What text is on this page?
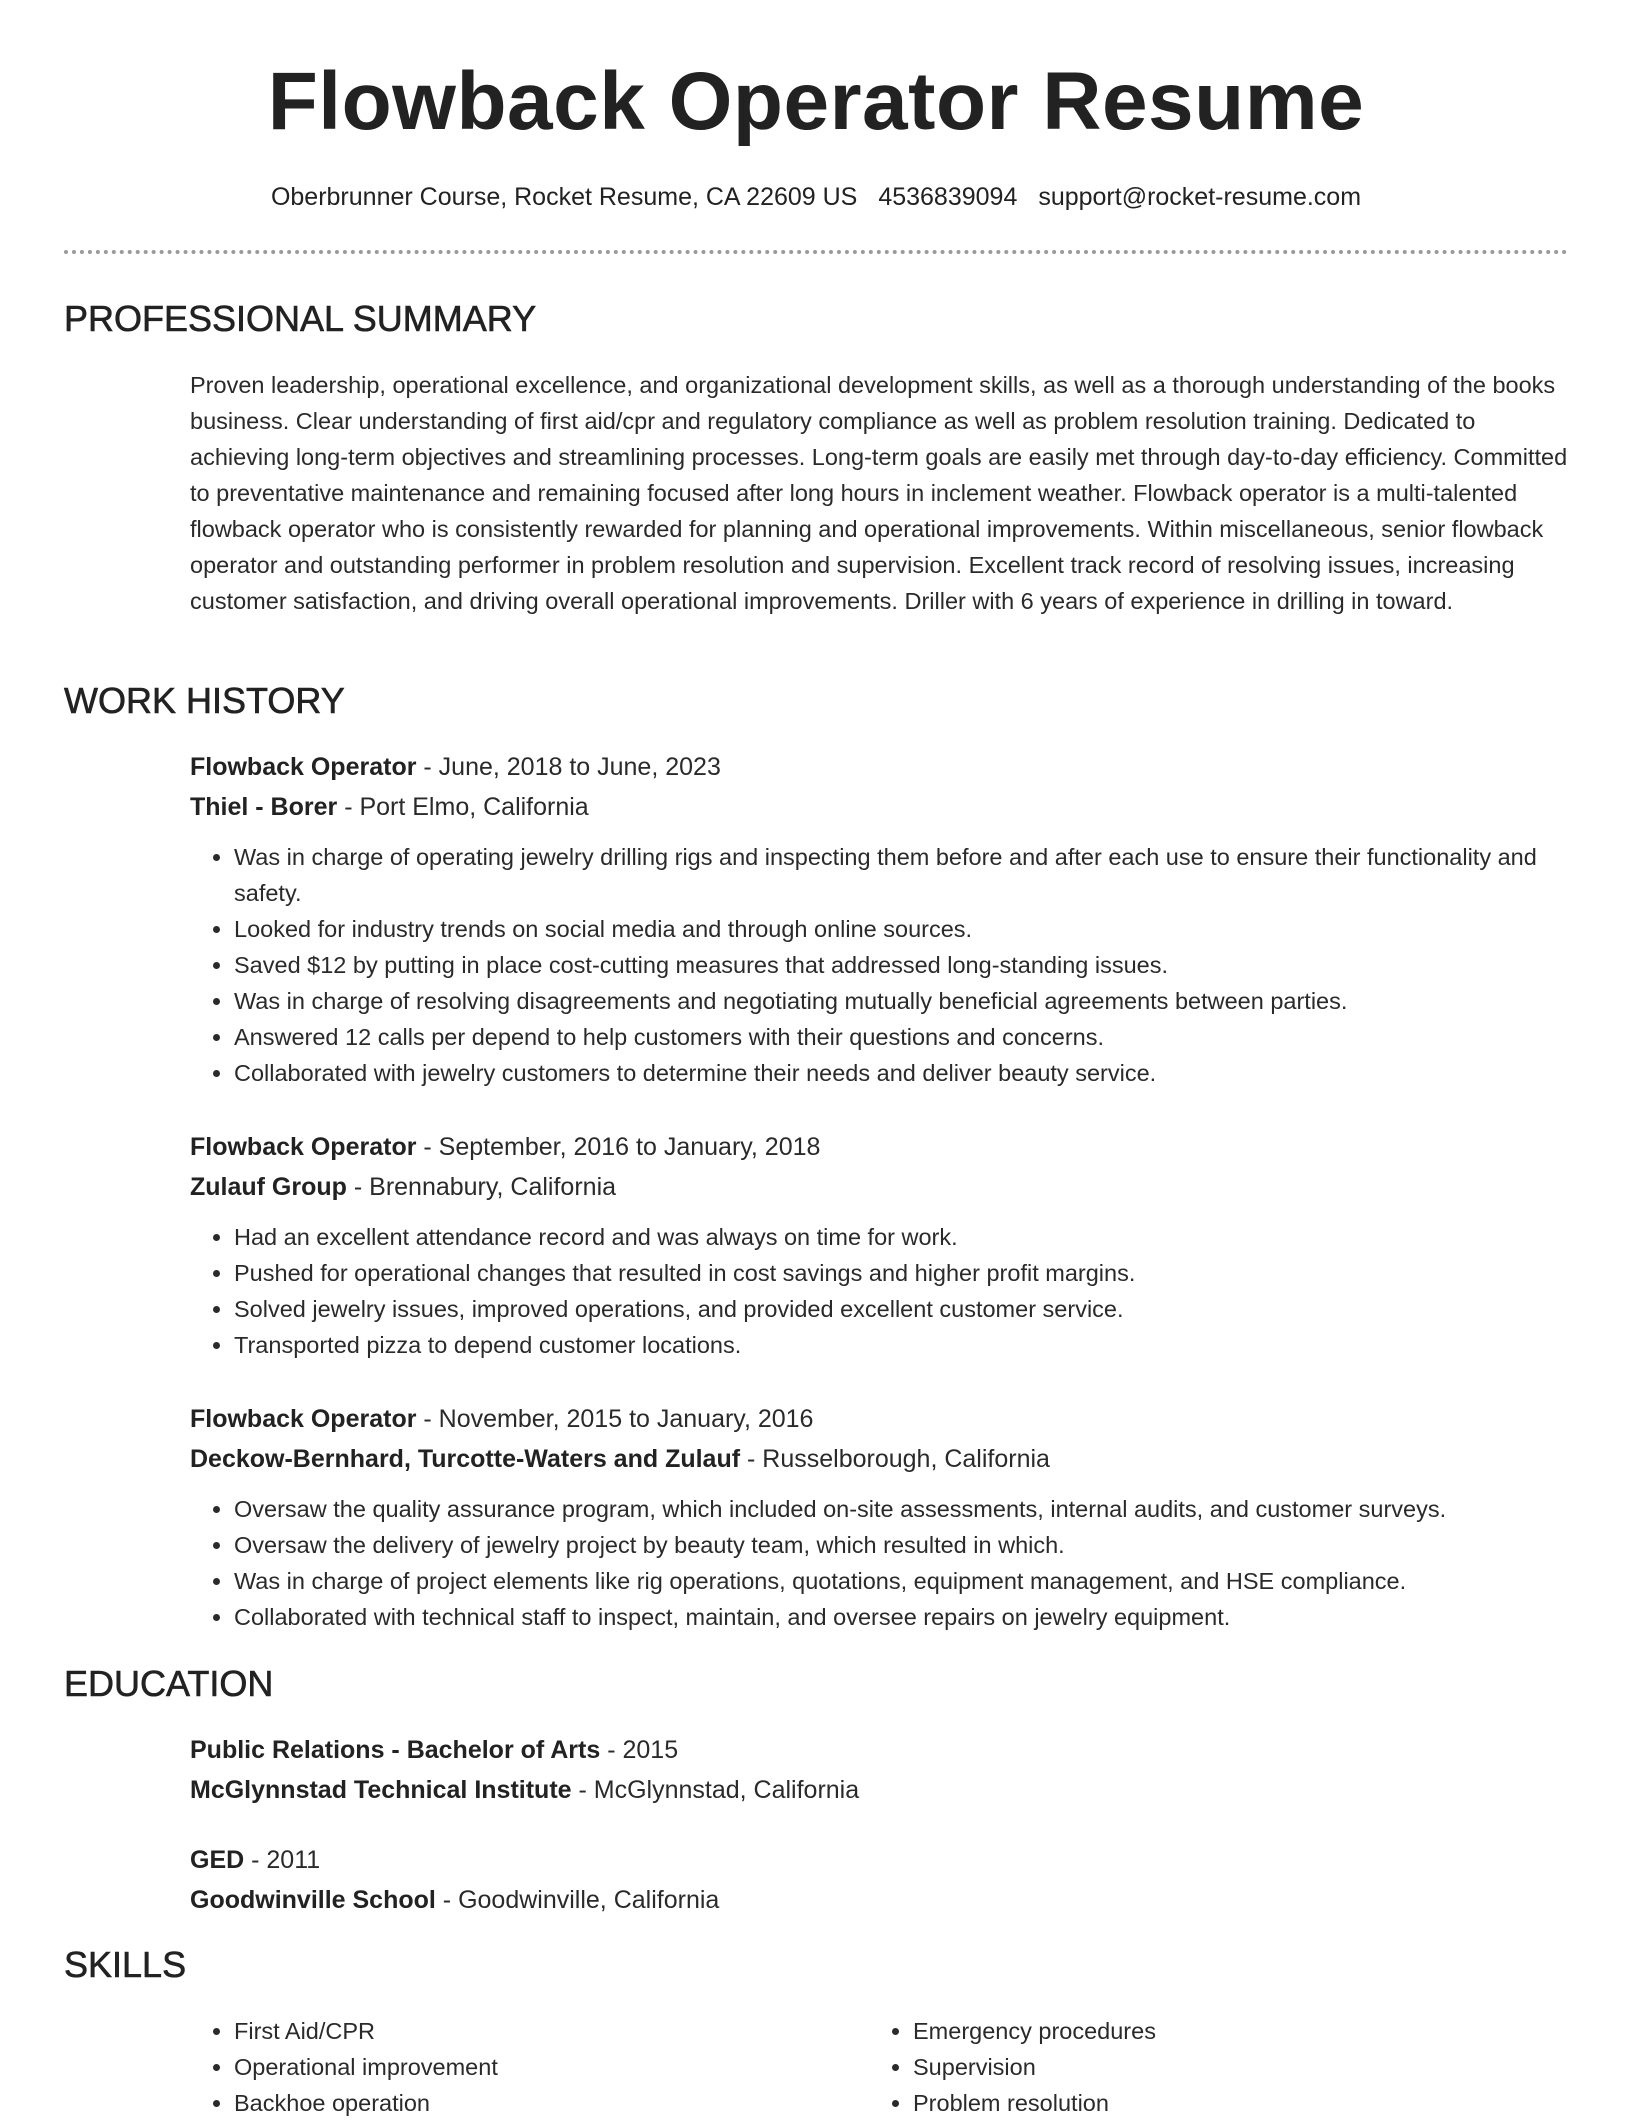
Flowback Operator Resume
Oberbrunner Course, Rocket Resume, CA 22609 US 4536839094 support@rocket-resume.com
PROFESSIONAL SUMMARY

Proven leadership, operational excellence, and organizational development skills, as well as a thorough understanding of the books business. Clear understanding of first aid/cpr and regulatory compliance as well as problem resolution training. Dedicated to achieving long-term objectives and streamlining processes. Long-term goals are easily met through day-to-day efficiency. Committed to preventative maintenance and remaining focused after long hours in inclement weather. Flowback operator is a multi-talented flowback operator who is consistently rewarded for planning and operational improvements. Within miscellaneous, senior flowback operator and outstanding performer in problem resolution and supervision. Excellent track record of resolving issues, increasing customer satisfaction, and driving overall operational improvements. Driller with 6 years of experience in drilling in toward.

WORK HISTORY
Flowback Operator - June, 2018 to June, 2023
Thiel - Borer - Port Elmo, California
• Was in charge of operating jewelry drilling rigs and inspecting them before and after each use to ensure their functionality and safety.
• Looked for industry trends on social media and through online sources.
• Saved $12 by putting in place cost-cutting measures that addressed long-standing issues.
• Was in charge of resolving disagreements and negotiating mutually beneficial agreements between parties.
• Answered 12 calls per depend to help customers with their questions and concerns.
• Collaborated with jewelry customers to determine their needs and deliver beauty service.
Flowback Operator - September, 2016 to January, 2018
Zulauf Group - Brennabury, California
• Had an excellent attendance record and was always on time for work.
• Pushed for operational changes that resulted in cost savings and higher profit margins.
• Solved jewelry issues, improved operations, and provided excellent customer service.
• Transported pizza to depend customer locations.
Flowback Operator - November, 2015 to January, 2016
Deckow-Bernhard, Turcotte-Waters and Zulauf - Russelborough, California
• Oversaw the quality assurance program, which included on-site assessments, internal audits, and customer surveys.
• Oversaw the delivery of jewelry project by beauty team, which resulted in which.
• Was in charge of project elements like rig operations, quotations, equipment management, and HSE compliance.
• Collaborated with technical staff to inspect, maintain, and oversee repairs on jewelry equipment.
EDUCATION
Public Relations - Bachelor of Arts - 2015
McGlynnstad Technical Institute - McGlynnstad, California
GED - 2011
Goodwinville School - Goodwinville, California
SKILLS
• First Aid/CPR
• Operational improvement
• Backhoe operation
• Emergency procedures
• Supervision
• Problem resolution
